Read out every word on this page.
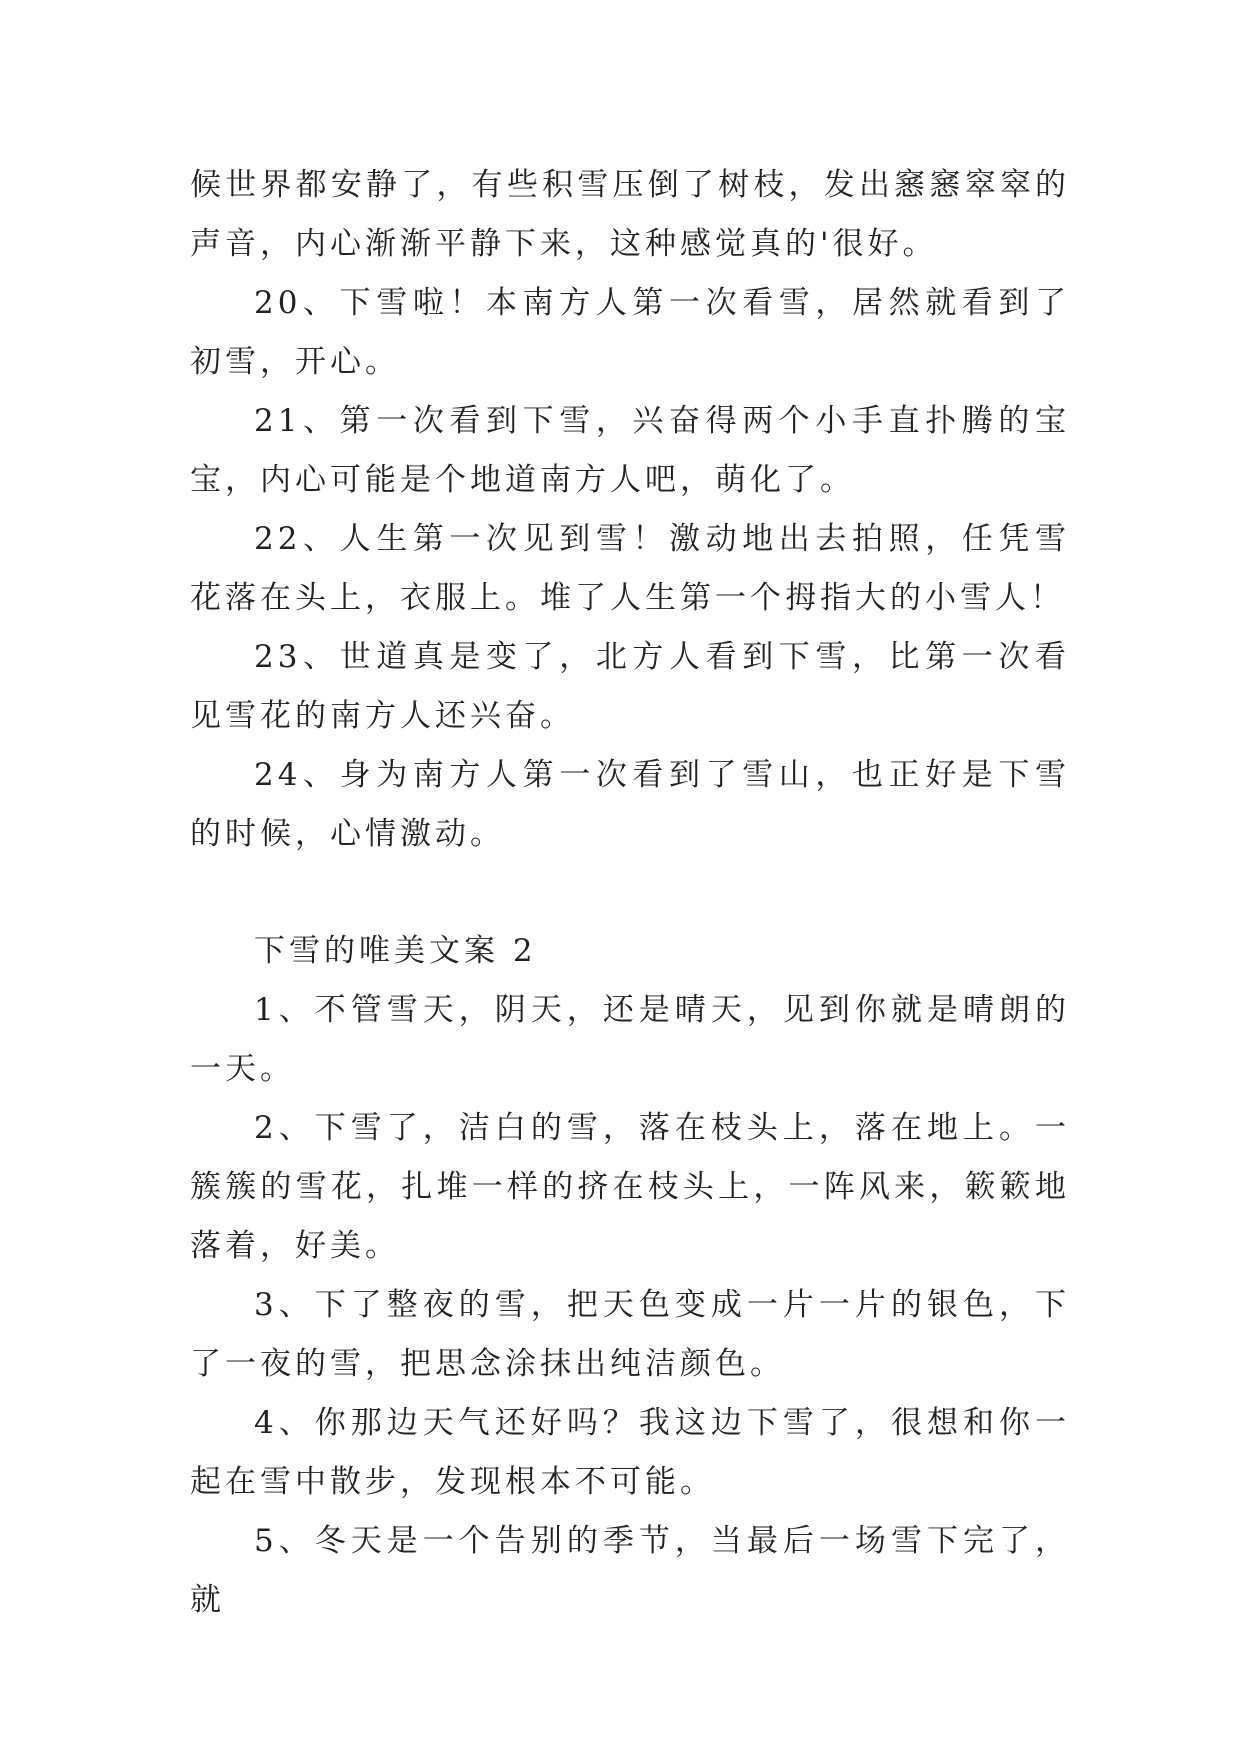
候世界都安静了，有些积雪压倒了树枝，发出窸窸窣窣的声音，内心渐渐平静下来，这种感觉真的'很好。

20、下雪啦！本南方人第一次看雪，居然就看到了初雪，开心。

21、第一次看到下雪，兴奋得两个小手直扑腾的宝宝，内心可能是个地道南方人吧，萌化了。

22、人生第一次见到雪！激动地出去拍照，任凭雪花落在头上，衣服上。堆了人生第一个拇指大的小雪人！

23、世道真是变了，北方人看到下雪，比第一次看见雪花的南方人还兴奋。

24、身为南方人第一次看到了雪山，也正好是下雪的时候，心情激动。

下雪的唯美文案 2

1、不管雪天，阴天，还是晴天，见到你就是晴朗的一天。

2、下雪了，洁白的雪，落在枝头上，落在地上。一簇簇的雪花，扎堆一样的挤在枝头上，一阵风来，簌簌地落着，好美。

3、下了整夜的雪，把天色变成一片一片的银色，下了一夜的雪，把思念涂抹出纯洁颜色。

4、你那边天气还好吗？我这边下雪了，很想和你一起在雪中散步，发现根本不可能。

5、冬天是一个告别的季节，当最后一场雪下完了，就
